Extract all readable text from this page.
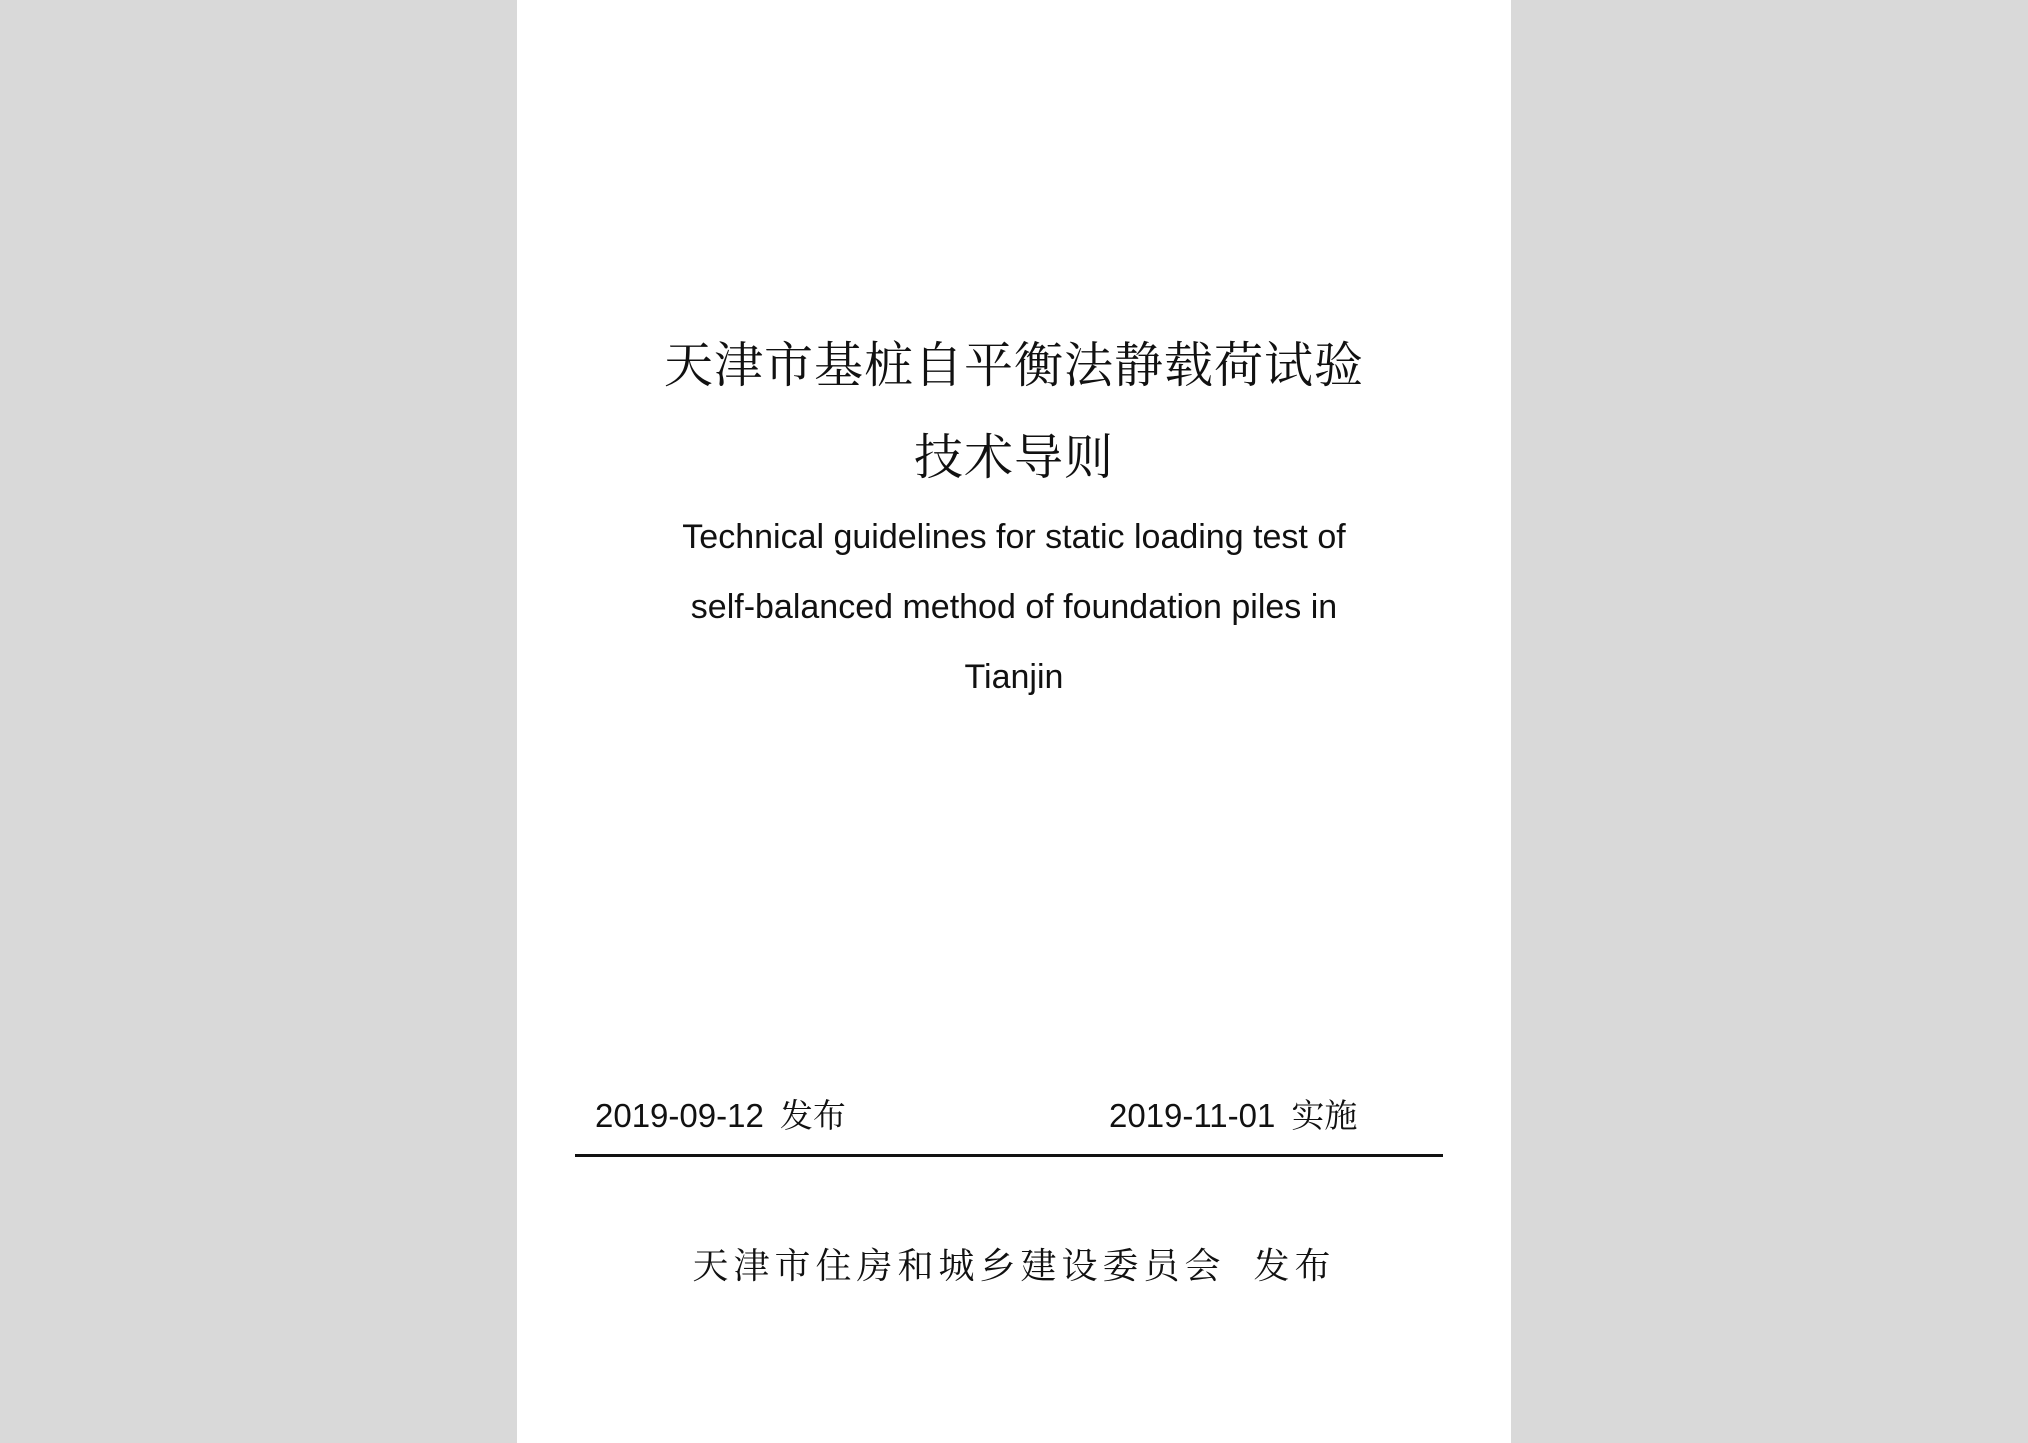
天津市基桩自平衡法静载荷试验
技术导则
Technical guidelines for static loading test of
self-balanced method of foundation piles in
Tianjin
2019-09-12 发布	2019-11-01 实施
天津市住房和城乡建设委员会 发布
